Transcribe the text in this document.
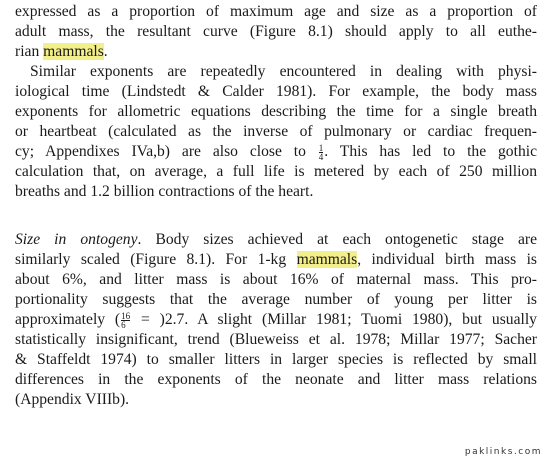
expressed as a proportion of maximum age and size as a proportion of
adult mass, the resultant curve (Figure 8.1) should apply to all euthe-
rian mammals.
Similar exponents are repeatedly encountered in dealing with physi-
iological time (Lindstedt & Calder 1981). For example, the body mass
exponents for allometric equations describing the time for a single breath
or heartbeat (calculated as the inverse of pulmonary or cardiac frequen-
cy; Appendixes IVa,b) are also close to $\frac{1}{4}$ . This has led to the gothic
calculation that, on average, a full life is metered by each of 250 million
breaths and 1.2 billion contractions of the heart.
Size in ontogeny. Body sizes achieved at each ontogenetic stage are
similarly scaled (Figure 8.1). For 1-kg mammals, individual birth mass is
about 6%, and litter mass is about 16% of maternal mass. This pro-
portionality suggests that the average number of young per litter is
approximately ( $\frac{16}{6} = )2.7$. A slight (Millar 1981; Tuomi 1980), but usually
statistically insignificant, trend (Blueweiss et al. 1978; Millar 1977; Sacher
& Staffeldt 1974) to smaller litters in larger species is reflected by small
differences in the exponents of the neonate and litter mass relations
(Appendix VIIIb).
paklinks.com
